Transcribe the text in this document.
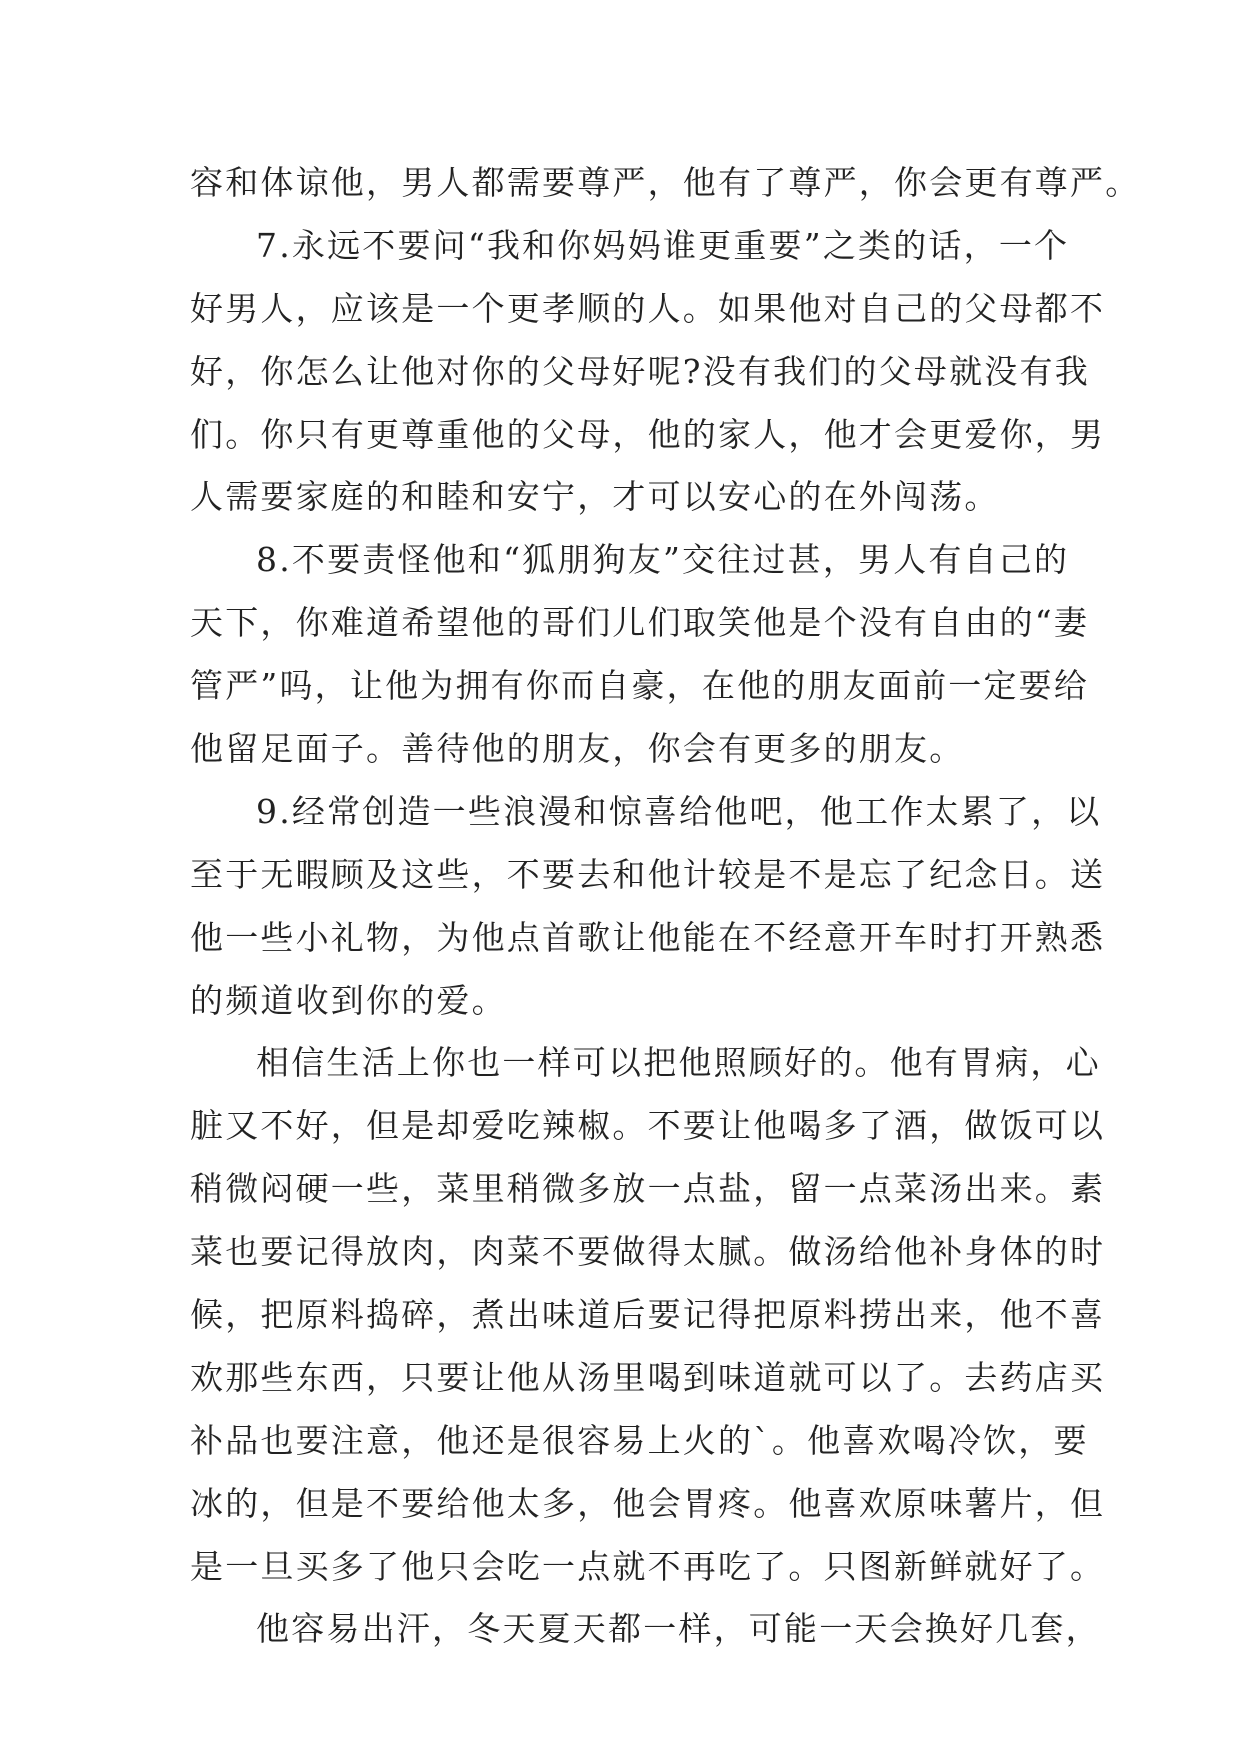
容和体谅他，男人都需要尊严，他有了尊严，你会更有尊严。
7.永远不要问“我和你妈妈谁更重要”之类的话，一个
好男人，应该是一个更孝顺的人。如果他对自己的父母都不
好，你怎么让他对你的父母好呢?没有我们的父母就没有我
们。你只有更尊重他的父母，他的家人，他才会更爱你，男
人需要家庭的和睦和安宁，才可以安心的在外闯荡。
8.不要责怪他和“狐朋狗友”交往过甚，男人有自己的
天下，你难道希望他的哥们儿们取笑他是个没有自由的“妻
管严”吗，让他为拥有你而自豪，在他的朋友面前一定要给
他留足面子。善待他的朋友，你会有更多的朋友。
9.经常创造一些浪漫和惊喜给他吧，他工作太累了，以
至于无暇顾及这些，不要去和他计较是不是忘了纪念日。送
他一些小礼物，为他点首歌让他能在不经意开车时打开熟悉
的频道收到你的爱。
相信生活上你也一样可以把他照顾好的。他有胃病，心
脏又不好，但是却爱吃辣椒。不要让他喝多了酒，做饭可以
稍微闷硬一些，菜里稍微多放一点盐，留一点菜汤出来。素
菜也要记得放肉，肉菜不要做得太腻。做汤给他补身体的时
候，把原料捣碎，煮出味道后要记得把原料捞出来，他不喜
欢那些东西，只要让他从汤里喝到味道就可以了。去药店买
补品也要注意，他还是很容易上火的`。他喜欢喝冷饮，要
冰的，但是不要给他太多，他会胃疼。他喜欢原味薯片，但
是一旦买多了他只会吃一点就不再吃了。只图新鲜就好了。
他容易出汗，冬天夏天都一样，可能一天会换好几套，
